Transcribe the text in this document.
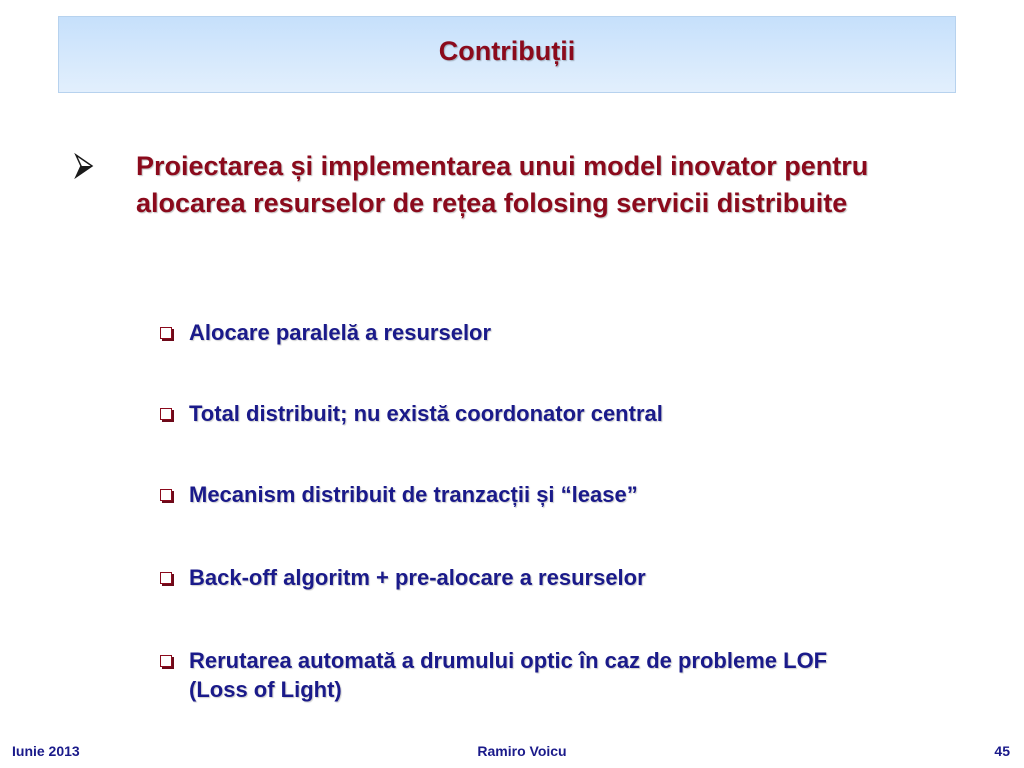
Contribuții
Proiectarea și implementarea unui model inovator pentru alocarea resurselor de rețea folosing servicii distribuite
Alocare paralelă a resurselor
Total distribuit; nu există coordonator central
Mecanism distribuit de tranzacții și “lease”
Back-off algoritm + pre-alocare a resurselor
Rerutarea automată a drumului optic în caz de probleme LOF (Loss of Light)
Iunie 2013	Ramiro Voicu	45
